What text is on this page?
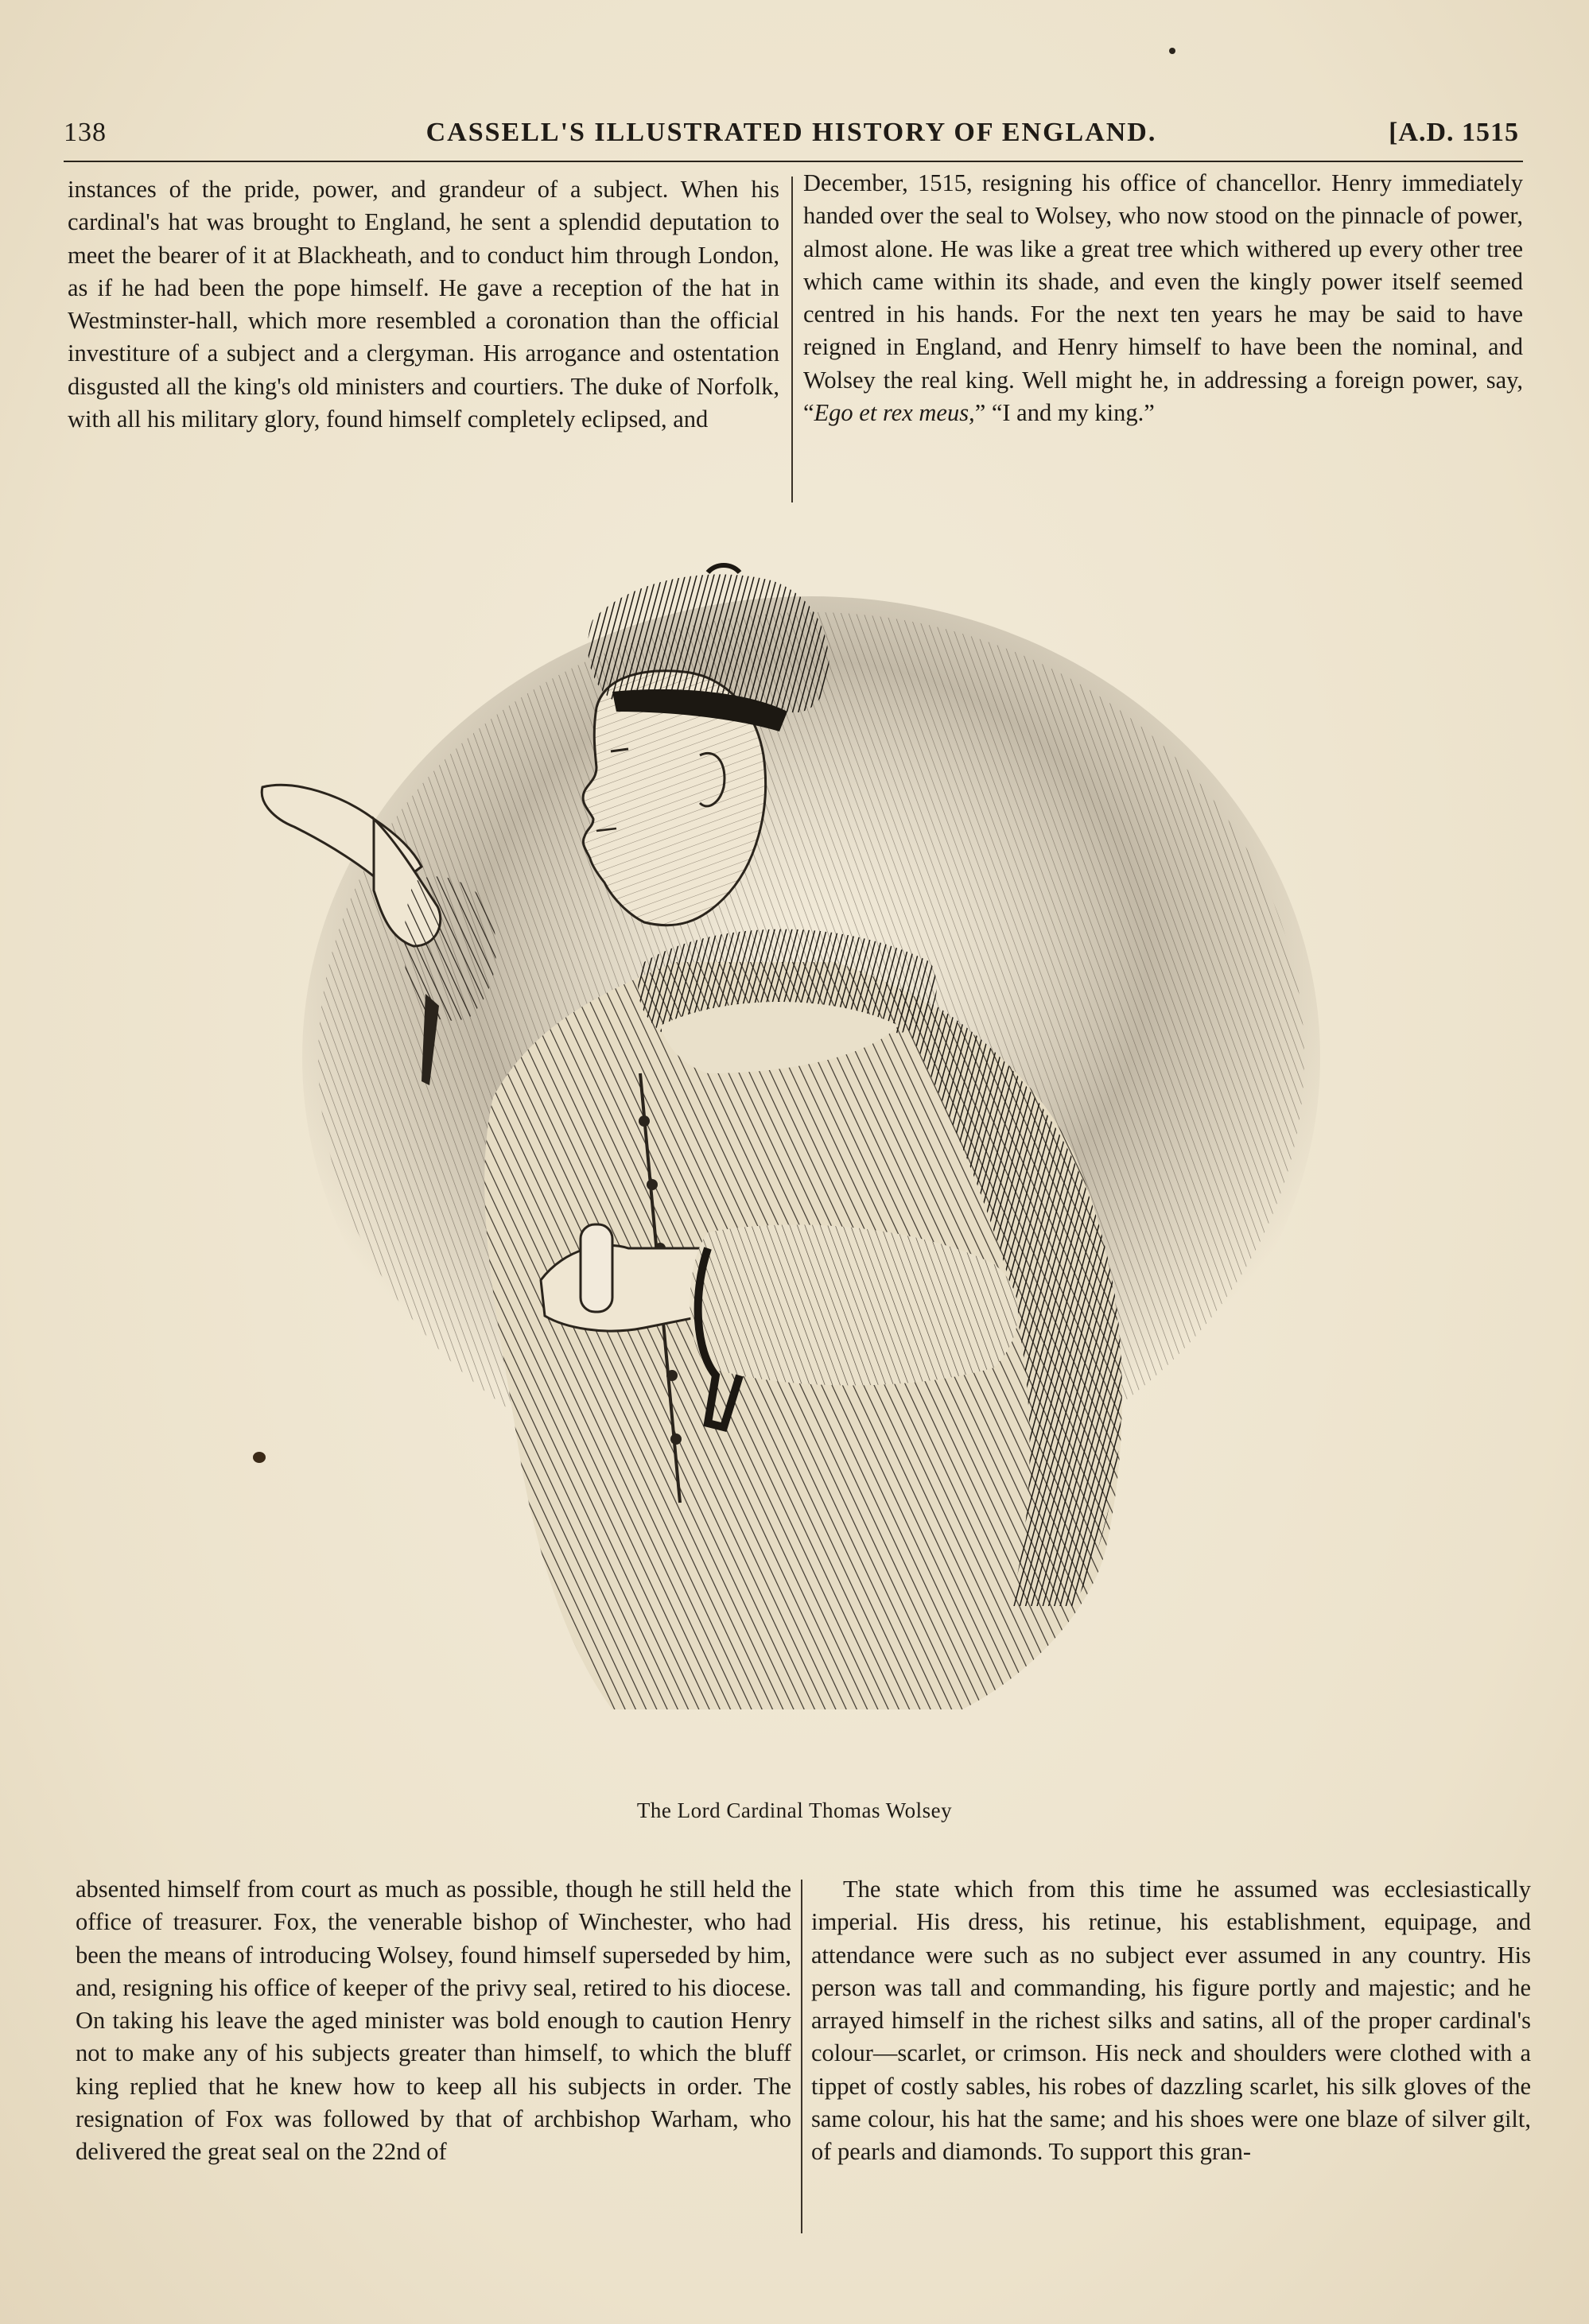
138	CASSELL'S ILLUSTRATED HISTORY OF ENGLAND.	[A.D. 1515

instances of the pride, power, and grandeur of a subject. When his cardinal's hat was brought to England, he sent a splendid deputation to meet the bearer of it at Blackheath, and to conduct him through London, as if he had been the pope himself. He gave a reception of the hat in Westminster-hall, which more resembled a coronation than the official investiture of a subject and a clergyman. His arrogance and ostentation disgusted all the king's old ministers and courtiers. The duke of Norfolk, with all his military glory, found himself completely eclipsed, and

December, 1515, resigning his office of chancellor. Henry immediately handed over the seal to Wolsey, who now stood on the pinnacle of power, almost alone. He was like a great tree which withered up every other tree which came within its shade, and even the kingly power itself seemed centred in his hands. For the next ten years he may be said to have reigned in England, and Henry himself to have been the nominal, and Wolsey the real king. Well might he, in addressing a foreign power, say, “Ego et rex meus,” “I and my king.”

The Lord Cardinal Thomas Wolsey

absented himself from court as much as possible, though he still held the office of treasurer. Fox, the venerable bishop of Winchester, who had been the means of introducing Wolsey, found himself superseded by him, and, resigning his office of keeper of the privy seal, retired to his diocese. On taking his leave the aged minister was bold enough to caution Henry not to make any of his subjects greater than himself, to which the bluff king replied that he knew how to keep all his subjects in order. The resignation of Fox was followed by that of archbishop Warham, who delivered the great seal on the 22nd of

The state which from this time he assumed was ecclesiastically imperial. His dress, his retinue, his establishment, equipage, and attendance were such as no subject ever assumed in any country. His person was tall and commanding, his figure portly and majestic; and he arrayed himself in the richest silks and satins, all of the proper cardinal's colour—scarlet, or crimson. His neck and shoulders were clothed with a tippet of costly sables, his robes of dazzling scarlet, his silk gloves of the same colour, his hat the same; and his shoes were one blaze of silver gilt, of pearls and diamonds. To support this gran-
